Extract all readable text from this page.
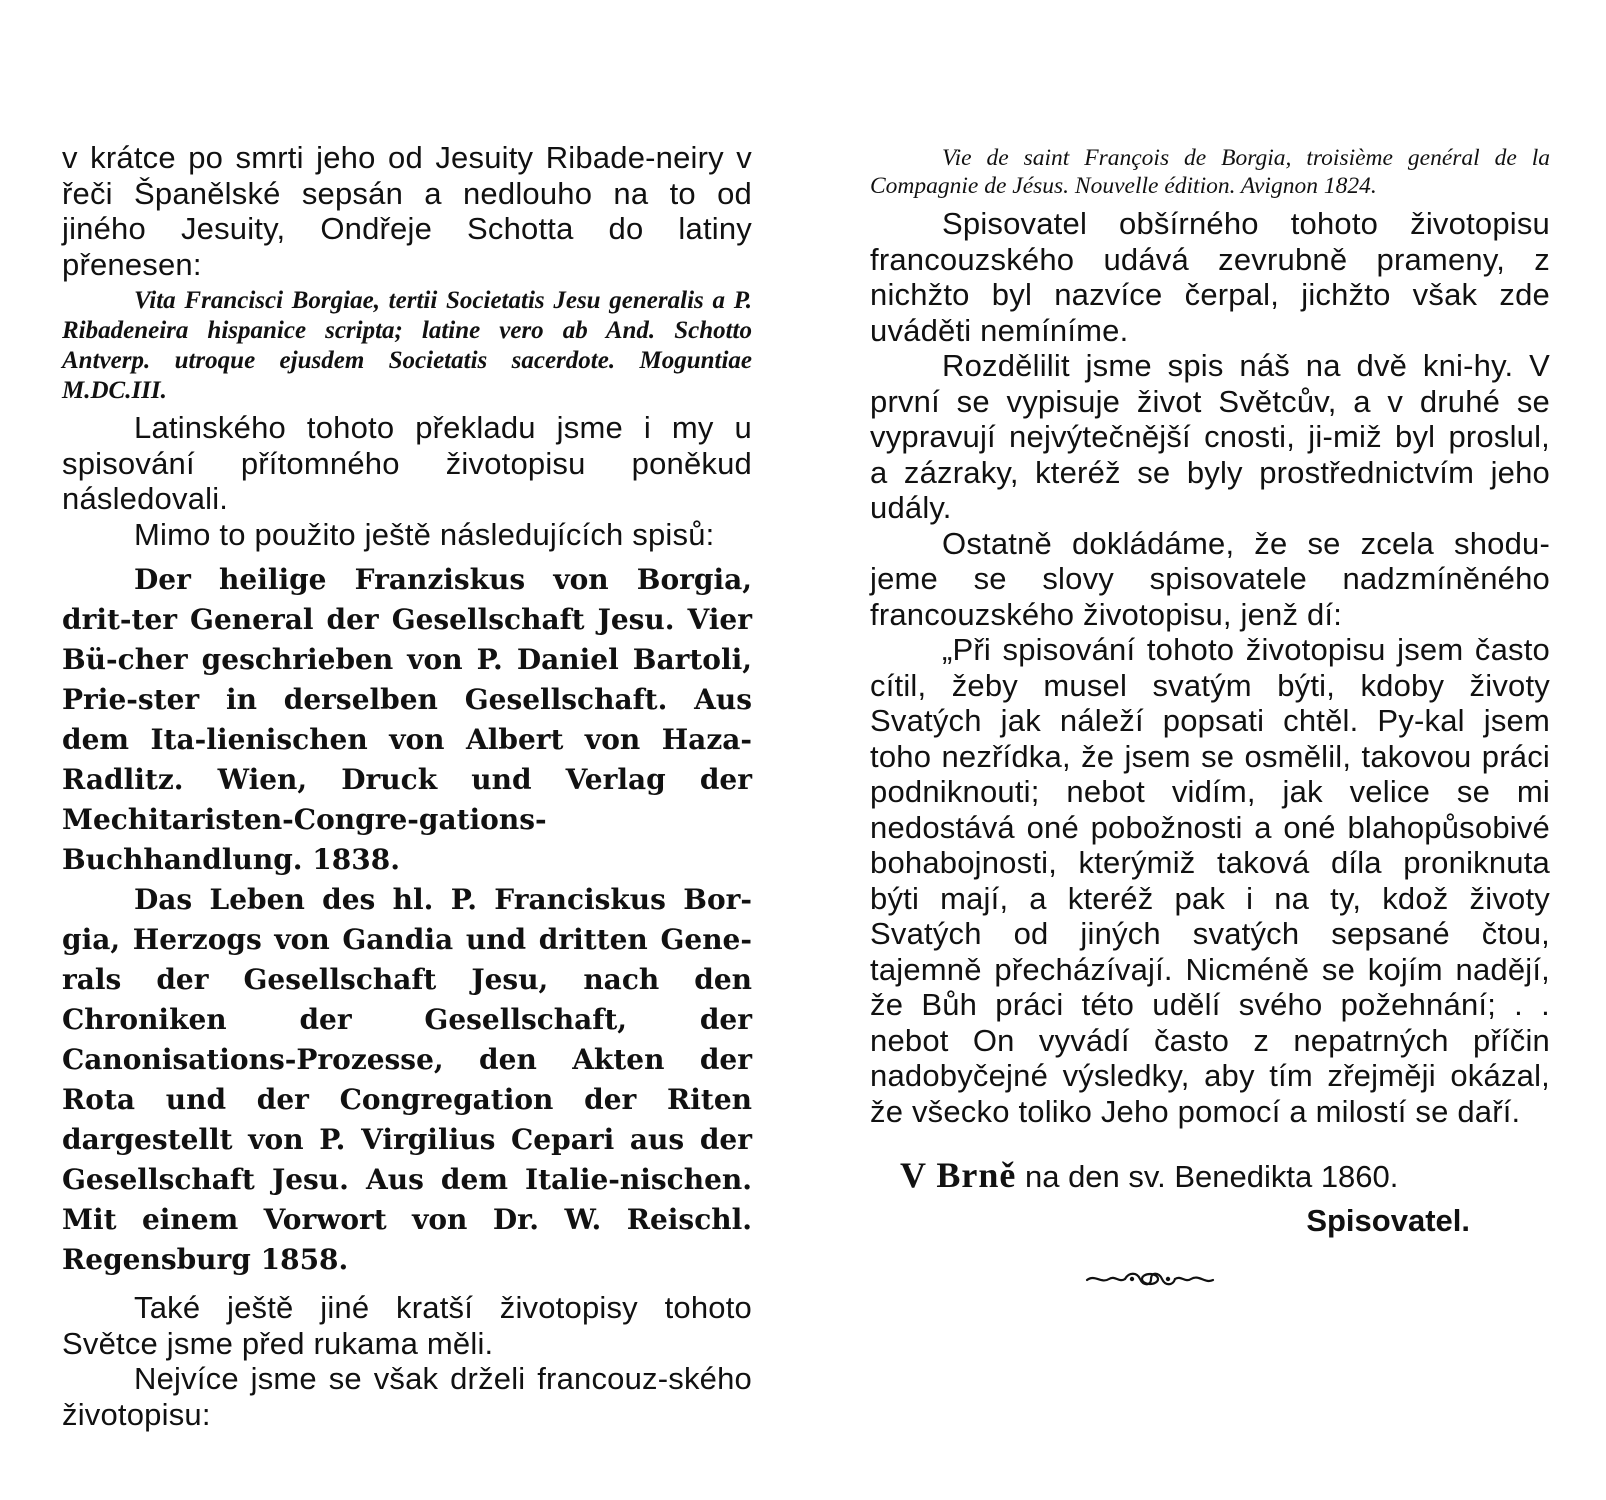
v krátce po smrti jeho od Jesuity Ribade-neiry v řeči Španělské sepsán a nedlouho na to od jiného Jesuity, Ondřeje Schotta do latiny přenesen:

Vita Francisci Borgiae, tertii Societatis Jesu generalis a P. Ribadeneira hispanice scripta; latine vero ab And. Schotto Antverp. utroque ejusdem Societatis sacerdote. Moguntiae M.DC.III.

Latinského tohoto překladu jsme i my u spisování přítomného životopisu poněkud následovali.

Mimo to použito ještě následujících spisů:

Der heilige Franziskus von Borgia, drit-ter General der Gesellschaft Jesu. Vier Bü-cher geschrieben von P. Daniel Bartoli, Prie-ster in derselben Gesellschaft. Aus dem Ita-lienischen von Albert von Haza-Radlitz. Wien, Druck und Verlag der Mechitaristen-Congre-gations-Buchhandlung. 1838.

Das Leben des hl. P. Franciskus Bor-gia, Herzogs von Gandia und dritten Gene-rals der Gesellschaft Jesu, nach den Chroniken der Gesellschaft, der Canonisations-Prozesse, den Akten der Rota und der Congregation der Riten dargestellt von P. Virgilius Cepari aus der Gesellschaft Jesu. Aus dem Italie-nischen. Mit einem Vorwort von Dr. W. Reischl. Regensburg 1858.

Také ještě jiné kratší životopisy tohoto Světce jsme před rukama měli.

Nejvíce jsme se však drželi francouz-ského životopisu:

Vie de saint François de Borgia, troisième genéral de la Compagnie de Jésus. Nouvelle édition. Avignon 1824.

Spisovatel obšírného tohoto životopisu francouzského udává zevrubně prameny, z nichžto byl nazvíce čerpal, jichžto však zde uváděti nemíníme.

Rozdělilit jsme spis náš na dvě kni-hy. V první se vypisuje život Světcův, a v druhé se vypravují nejvýtečnější cnosti, ji-miž byl proslul, a zázraky, kteréž se byly prostřednictvím jeho udály.

Ostatně dokládáme, že se zcela shodu-jeme se slovy spisovatele nadzmíněného francouzského životopisu, jenž dí:

„Při spisování tohoto životopisu jsem často cítil, žeby musel svatým býti, kdoby životy Svatých jak náleží popsati chtěl. Py-kal jsem toho nezřídka, že jsem se osmělil, takovou práci podniknouti; nebot vidím, jak velice se mi nedostává oné pobožnosti a oné blahopůsobivé bohabojnosti, kterýmiž taková díla proniknuta býti mají, a kteréž pak i na ty, kdož životy Svatých od jiných svatých sepsané čtou, tajemně přecházívají. Nicméně se kojím nadějí, že Bůh práci této udělí svého požehnání; . . nebot On vyvádí často z nepatrných příčin nadobyčejné výsledky, aby tím zřejměji okázal, že všecko toliko Jeho pomocí a milostí se daří.

V Brně na den sv. Benedikta 1860.
Spisovatel.
